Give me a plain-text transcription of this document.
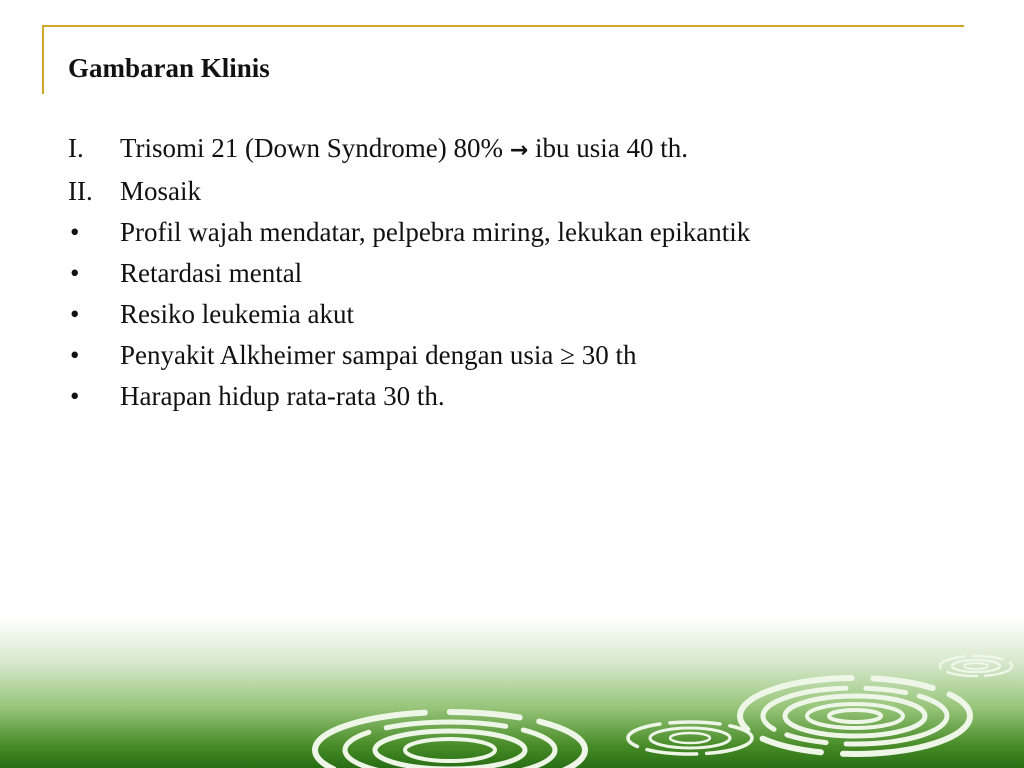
Gambaran Klinis
I.	Trisomi 21 (Down Syndrome) 80% → ibu usia 40 th.
II.	Mosaik
•	Profil wajah mendatar, pelpebra miring, lekukan epikantik
•	Retardasi mental
•	Resiko leukemia akut
•	Penyakit Alkheimer sampai dengan usia ≥ 30 th
•	Harapan hidup rata-rata 30 th.
